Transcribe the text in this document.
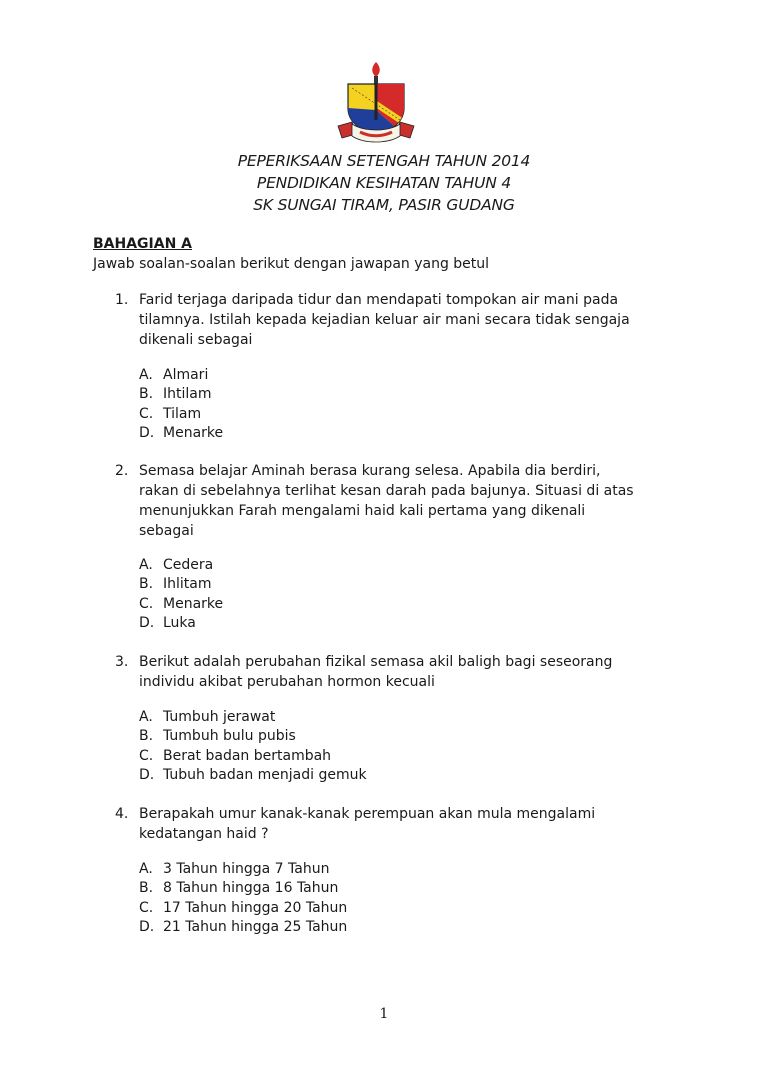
PEPERIKSAAN SETENGAH TAHUN 2014
PENDIDIKAN KESIHATAN TAHUN 4
SK SUNGAI TIRAM, PASIR GUDANG
BAHAGIAN A
Jawab soalan-soalan berikut dengan jawapan yang betul
1. Farid terjaga daripada tidur dan mendapati tompokan air mani pada
tilamnya. Istilah kepada kejadian keluar air mani secara tidak sengaja
dikenali sebagai
A. Almari
B. Ihtilam
C. Tilam
D. Menarke
2. Semasa belajar Aminah berasa kurang selesa. Apabila dia berdiri,
rakan di sebelahnya terlihat kesan darah pada bajunya. Situasi di atas
menunjukkan Farah mengalami haid kali pertama yang dikenali
sebagai
A. Cedera
B. Ihlitam
C. Menarke
D. Luka
3. Berikut adalah perubahan fizikal semasa akil baligh bagi seseorang
individu akibat perubahan hormon kecuali
A. Tumbuh jerawat
B. Tumbuh bulu pubis
C. Berat badan bertambah
D. Tubuh badan menjadi gemuk
4. Berapakah umur kanak-kanak perempuan akan mula mengalami
kedatangan haid ?
A. 3 Tahun hingga 7 Tahun
B. 8 Tahun hingga 16 Tahun
C. 17 Tahun hingga 20 Tahun
D. 21 Tahun hingga 25 Tahun
1
